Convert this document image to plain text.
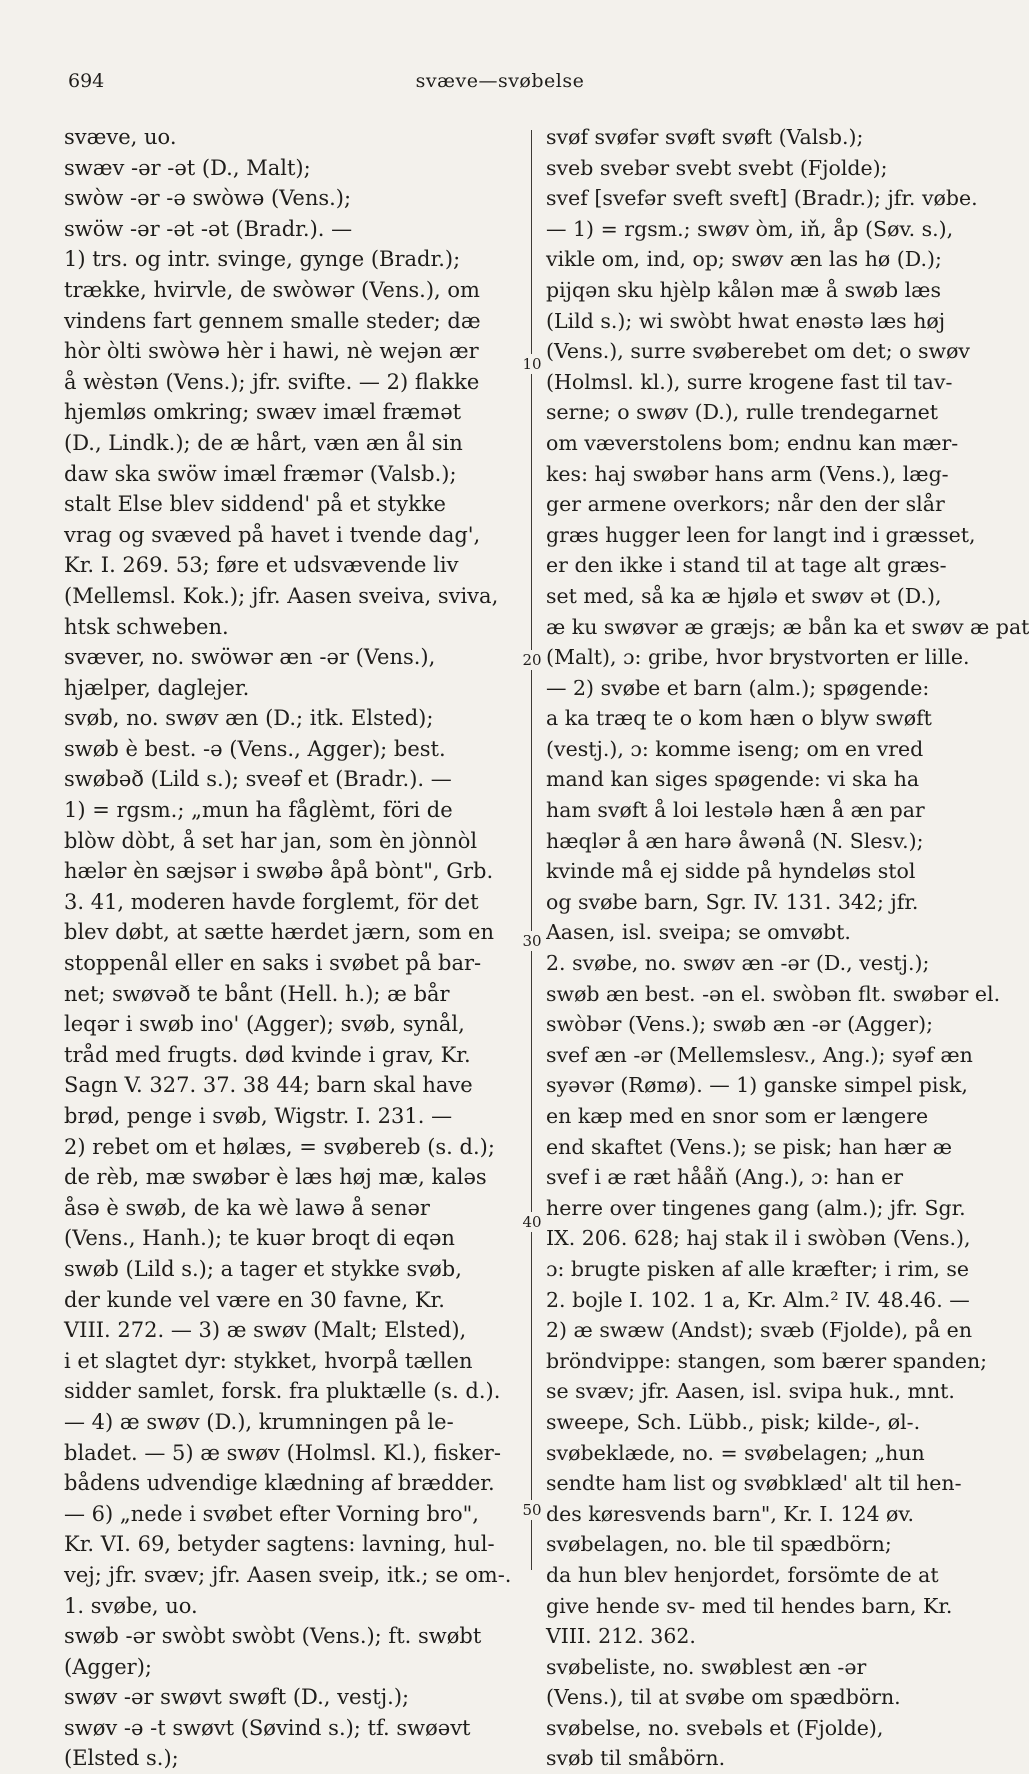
694	svæve—svøbelse
svæve, uo.
swæv -ər -ət (D., Malt);
swòw -ər -ə swòwə (Vens.);
swöw -ər -ət -ət (Bradr.). —
1) trs. og intr. svinge, gynge (Bradr.);
trække, hvirvle, de swòwər (Vens.), om
vindens fart gennem smalle steder; dæ
hòr òlti swòwə hèr i hawi, nè wejən ær
å wèstən (Vens.); jfr. svifte. — 2) flakke
hjemløs omkring; swæv imæl fræmət
(D., Lindk.); de æ hårt, væn æn ål sin
daw ska swöw imæl fræmər (Valsb.);
stalt Else blev siddend' på et stykke
vrag og svæved på havet i tvende dag',
Kr. I. 269. 53; føre et udsvævende liv
(Mellemsl. Kok.); jfr. Aasen sveiva, sviva,
htsk schweben.
svæver, no. swöwər æn -ər (Vens.),
hjælper, daglejer.
svøb, no. swøv æn (D.; itk. Elsted);
swøb è best. -ə (Vens., Agger); best.
swøbəð (Lild s.); sveəf et (Bradr.). —
1) = rgsm.; „mun ha fåglèmt, föri de
blòw dòbt, å set har jan, som èn jònnòl
hælər èn sæjsər i swøbə åpå bònt", Grb.
3. 41, moderen havde forglemt, för det
blev døbt, at sætte hærdet jærn, som en
stoppenål eller en saks i svøbet på bar-
net; swøvəð te bånt (Hell. h.); æ bår
leqər i swøb ino' (Agger); svøb, synål,
tråd med frugts. død kvinde i grav, Kr.
Sagn V. 327. 37. 38 44; barn skal have
brød, penge i svøb, Wigstr. I. 231. —
2) rebet om et hølæs, = svøbereb (s. d.);
de rèb, mæ swøbər è læs høj mæ, kaləs
åsə è swøb, de ka wè lawə å senər
(Vens., Hanh.); te kuər broqt di eqən
swøb (Lild s.); a tager et stykke svøb,
der kunde vel være en 30 favne, Kr.
VIII. 272. — 3) æ swøv (Malt; Elsted),
i et slagtet dyr: stykket, hvorpå tællen
sidder samlet, forsk. fra pluktælle (s. d.).
— 4) æ swøv (D.), krumningen på le-
bladet. — 5) æ swøv (Holmsl. Kl.), fisker-
bådens udvendige klædning af brædder.
— 6) „nede i svøbet efter Vorning bro",
Kr. VI. 69, betyder sagtens: lavning, hul-
vej; jfr. svæv; jfr. Aasen sveip, itk.; se om-.
1. svøbe, uo.
swøb -ər swòbt swòbt (Vens.); ft. swøbt
(Agger);
swøv -ər swøvt swøft (D., vestj.);
swøv -ə -t swøvt (Søvind s.); tf. swøəvt
(Elsted s.);
svøf svøfər svøft svøft (Valsb.);
sveb svebər svebt svebt (Fjolde);
svef [svefər sveft sveft] (Bradr.); jfr. vøbe.
— 1) = rgsm.; swøv òm, iň, åp (Søv. s.),
vikle om, ind, op; swøv æn las hø (D.);
pijqən sku hjèlp kålən mæ å swøb læs
(Lild s.); wi swòbt hwat enəstə læs høj
(Vens.), surre svøberebet om det; o swøv
(Holmsl. kl.), surre krogene fast til tav-
serne; o swøv (D.), rulle trendegarnet
om væverstolens bom; endnu kan mær-
kes: haj swøbər hans arm (Vens.), læg-
ger armene overkors; når den der slår
græs hugger leen for langt ind i græsset,
er den ikke i stand til at tage alt græs-
set med, så ka æ hjølə et swøv ət (D.),
æ ku swøvər æ græjs; æ bån ka et swøv æ pat
(Malt), ɔ: gribe, hvor brystvorten er lille.
— 2) svøbe et barn (alm.); spøgende:
a ka træq te o kom hæn o blyw swøft
(vestj.), ɔ: komme iseng; om en vred
mand kan siges spøgende: vi ska ha
ham svøft å loi lestələ hæn å æn par
hæqlər å æn harə åwənå (N. Slesv.);
kvinde må ej sidde på hyndeløs stol
og svøbe barn, Sgr. IV. 131. 342; jfr.
Aasen, isl. sveipa; se omvøbt.
2. svøbe, no. swøv æn -ər (D., vestj.);
swøb æn best. -ən el. swòbən flt. swøbər el.
swòbər (Vens.); swøb æn -ər (Agger);
svef æn -ər (Mellemslesv., Ang.); syəf æn
syəvər (Rømø). — 1) ganske simpel pisk,
en kæp med en snor som er længere
end skaftet (Vens.); se pisk; han hær æ
svef i æ ræt hååň (Ang.), ɔ: han er
herre over tingenes gang (alm.); jfr. Sgr.
IX. 206. 628; haj stak il i swòbən (Vens.),
ɔ: brugte pisken af alle kræfter; i rim, se
2. bojle I. 102. 1 a, Kr. Alm.² IV. 48.46. —
2) æ swæw (Andst); svæb (Fjolde), på en
bröndvippe: stangen, som bærer spanden;
se svæv; jfr. Aasen, isl. svipa huk., mnt.
sweepe, Sch. Lübb., pisk; kilde-, øl-.
svøbeklæde, no. = svøbelagen; „hun
sendte ham list og svøbklæd' alt til hen-
des køresvends barn", Kr. I. 124 øv.
svøbelagen, no. ble til spædbörn;
da hun blev henjordet, forsömte de at
give hende sv- med til hendes barn, Kr.
VIII. 212. 362.
svøbeliste, no. swøblest æn -ər
(Vens.), til at svøbe om spædbörn.
svøbelse, no. svebəls et (Fjolde),
svøb til småbörn.
10
20
30
40
50
